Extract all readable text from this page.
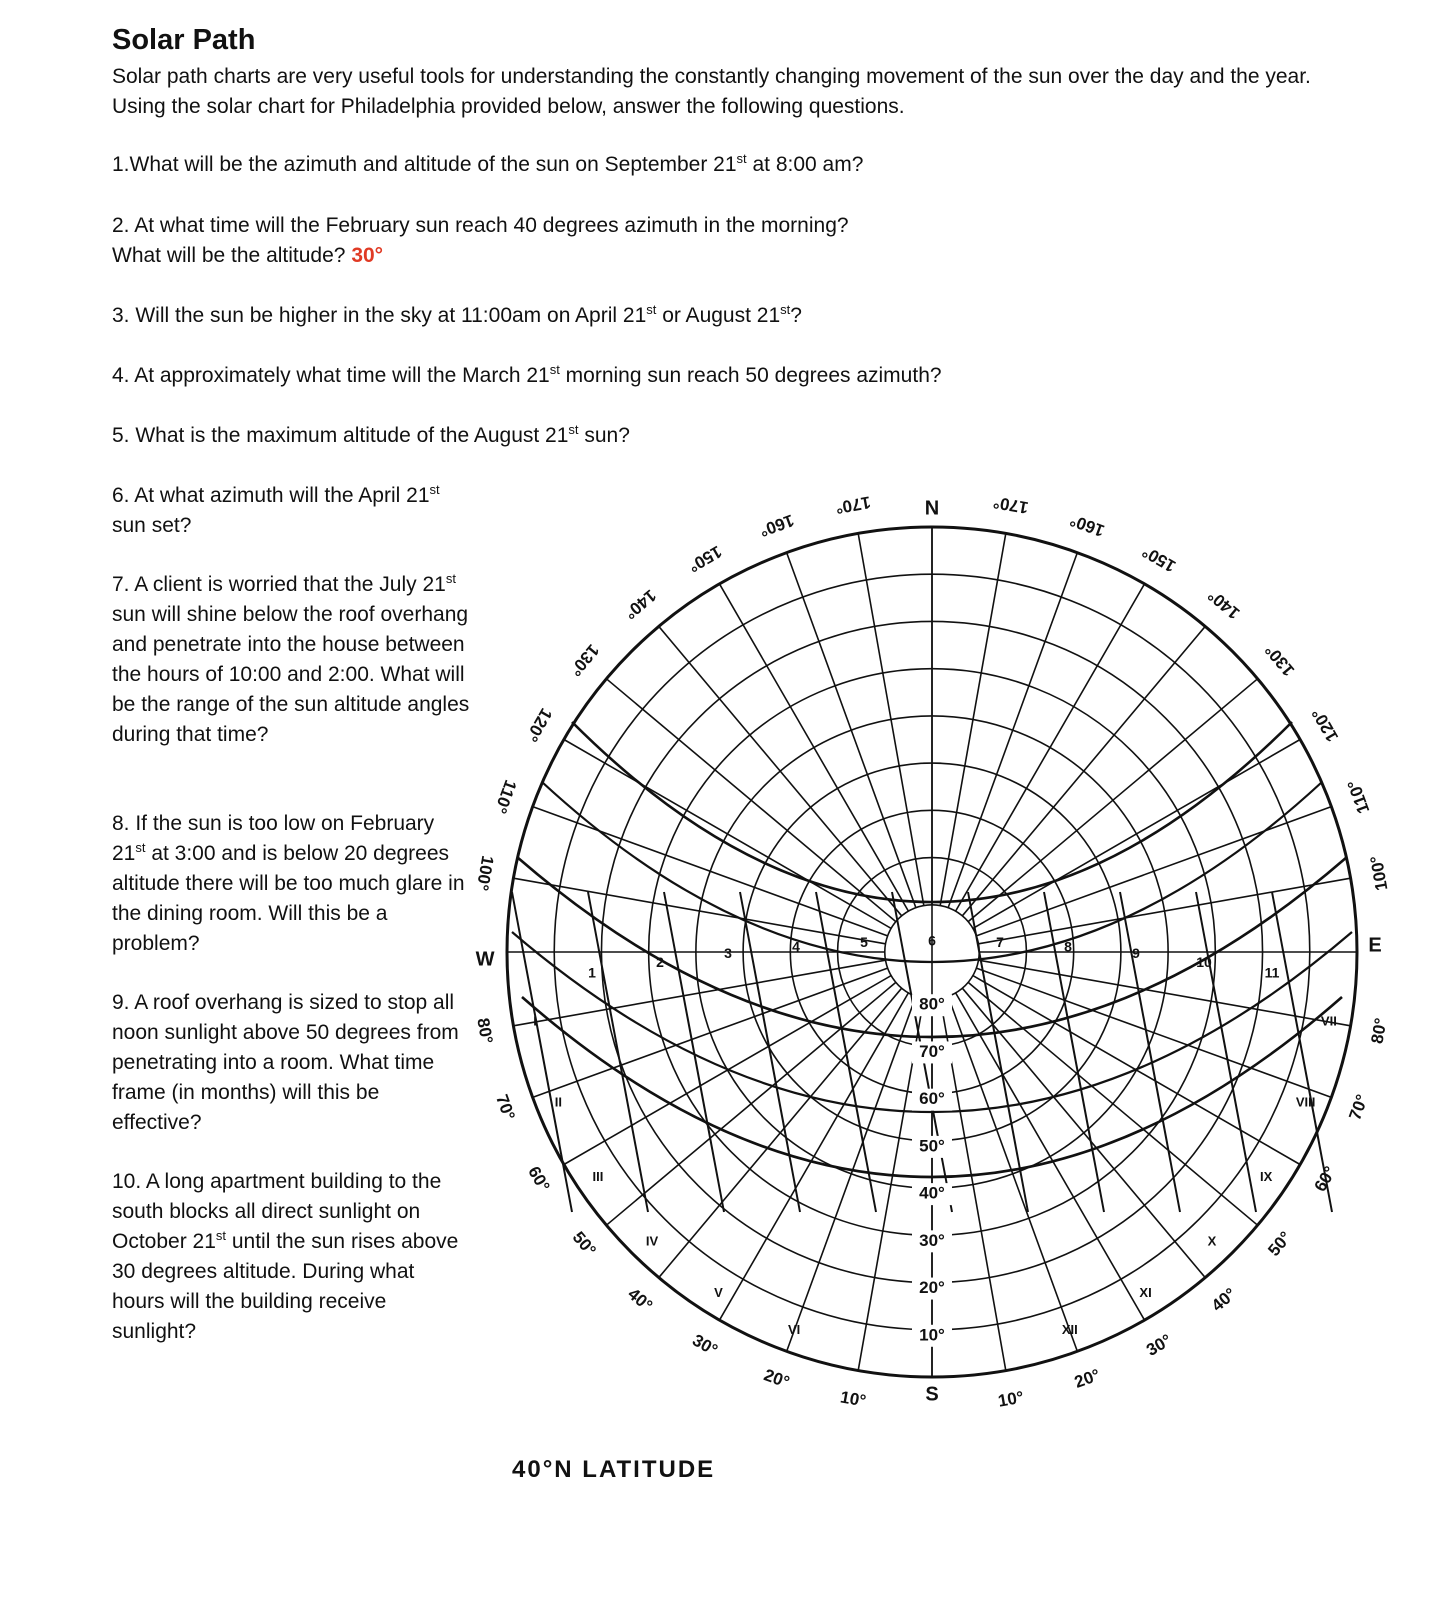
Solar Path

Solar path charts are very useful tools for understanding the constantly changing movement of the sun over the day and the year. Using the solar chart for Philadelphia provided below, answer the following questions.

1.What will be the azimuth and altitude of the sun on September 21st at 8:00 am?

2. At what time will the February sun reach 40 degrees azimuth in the morning?
What will be the altitude? 30°

3. Will the sun be higher in the sky at 11:00am on April 21st or August 21st?

4. At approximately what time will the March 21st morning sun reach 50 degrees azimuth?

5. What is the maximum altitude of the August 21st sun?

6. At what azimuth will the April 21st sun set?

7. A client is worried that the July 21st sun will shine below the roof overhang and penetrate into the house between the hours of 10:00 and 2:00. What will be the range of the sun altitude angles during that time?

8. If the sun is too low on February 21st at 3:00 and is below 20 degrees altitude there will be too much glare in the dining room. Will this be a problem?

9. A roof overhang is sized to stop all noon sunlight above 50 degrees from penetrating into a room. What time frame (in months) will this be effective?

10. A long apartment building to the south blocks all direct sunlight on October 21st until the sun rises above 30 degrees altitude. During what hours will the building receive sunlight?

N
S
E
W
10°
10°
20°
20°
30°
30°
40°
40°
50°
50°
60°
60°
70°
70°
80°
80°
100°
100°
110°
110°
120°
120°
130°
130°
140°
140°
150°
150°
160°
160°
170°
170°
10°
20°
30°
40°
50°
60°
70°
80°
1
2
3	4	5	6	7	8	9
10
11
I
II
III
IV
V
VI
VII
VIII
IX
X
XI
XII

40°N LATITUDE
